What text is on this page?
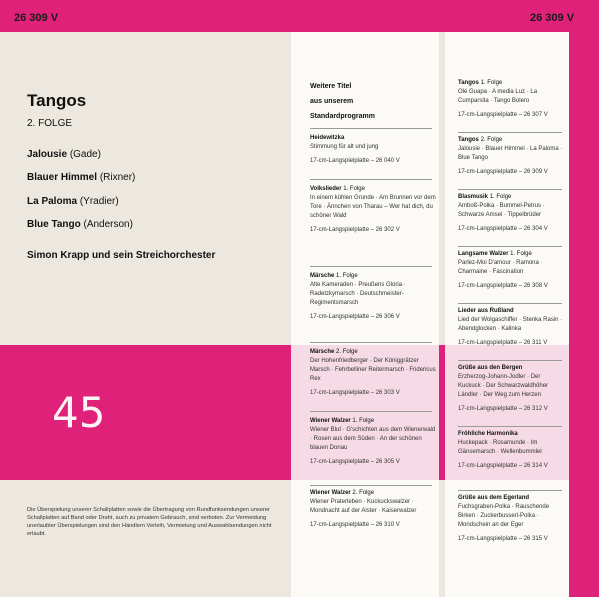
26 309 V	26 309 V
Tangos
2. FOLGE
Jalousie (Gade)
Blauer Himmel (Rixner)
La Paloma (Yradier)
Blue Tango (Anderson)
Simon Krapp und sein Streichorchester
45
Die Überspielung unserer Schallplatten sowie die Übertragung von Rundfunksendungen unserer Schallplatten auf Band oder Draht, auch zu privatem Gebrauch, sind verboten. Zur Vermeidung unerlaubter Überspielungen sind den Händlern Verleih, Vermietung und Auswahlsendungen nicht erlaubt.
Weitere Titel
aus unserem
Standardprogramm
Heidewitzka
Stimmung für alt und jung
17-cm-Langspielplatte – 26 040 V
Volkslieder 1. Folge
In einem kühlen Grunde · Am Brunnen vor dem Tore · Ännchen von Tharau – Wer hat dich, du schöner Wald
17-cm-Langspielplatte – 26 302 V
Märsche 1. Folge
Alte Kameraden · Preußens Gloria · Radetzkymarsch · Deutschmeister-Regimentsmarsch
17-cm-Langspielplatte – 26 306 V
Märsche 2. Folge
Der Hohenfriedberger · Der Königgrätzer Marsch · Fehrbelliner Reitermarsch · Fridericus Rex
17-cm-Langspielplatte – 26 303 V
Wiener Walzer 1. Folge
Wiener Blut · G'schichten aus dem Wienerwald · Rosen aus dem Süden · An der schönen blauen Donau
17-cm-Langspielplatte – 26 305 V
Wiener Walzer 2. Folge
Wiener Praterleben · Kuckuckswalzer · Mondnacht auf der Alster · Kaiserwalzer
17-cm-Langspielplatte – 26 310 V
Tangos 1. Folge
Olé Guapa · A media Luz · La Cumparsita · Tango Bolero
17-cm-Langspielplatte – 26 307 V
Tangos 2. Folge
Jalousie · Blauer Himmel · La Paloma · Blue Tango
17-cm-Langspielplatte – 26 309 V
Blasmusik 1. Folge
Amboß-Polka · Bummel-Petrus · Schwarze Amsel · Tippelbrüder
17-cm-Langspielplatte – 26 304 V
Langsame Walzer 1. Folge
Parlez-Moi D'amour · Ramona · Charmaine · Fascination
17-cm-Langspielplatte – 26 308 V
Lieder aus Rußland
Lied der Wolgaschiffer · Stenka Rasin · Abendglocken · Kalinka
17-cm-Langspielplatte – 26 311 V
Grüße aus den Bergen
Erzherzog-Johann-Jodler · Der Kuckuck · Der Schwarzwaldhöher Ländler · Der Weg zum Herzen
17-cm-Langspielplatte – 26 312 V
Fröhliche Harmonika
Huckepack · Rosamunde · Im Gänsemarsch · Wellenbummler
17-cm-Langspielplatte – 26 314 V
Grüße aus dem Egerland
Fuchsgraben-Polka · Rauschende Birken · Zuckerbusserl-Polka · Mondschein an der Eger
17-cm-Langspielplatte – 26 315 V
